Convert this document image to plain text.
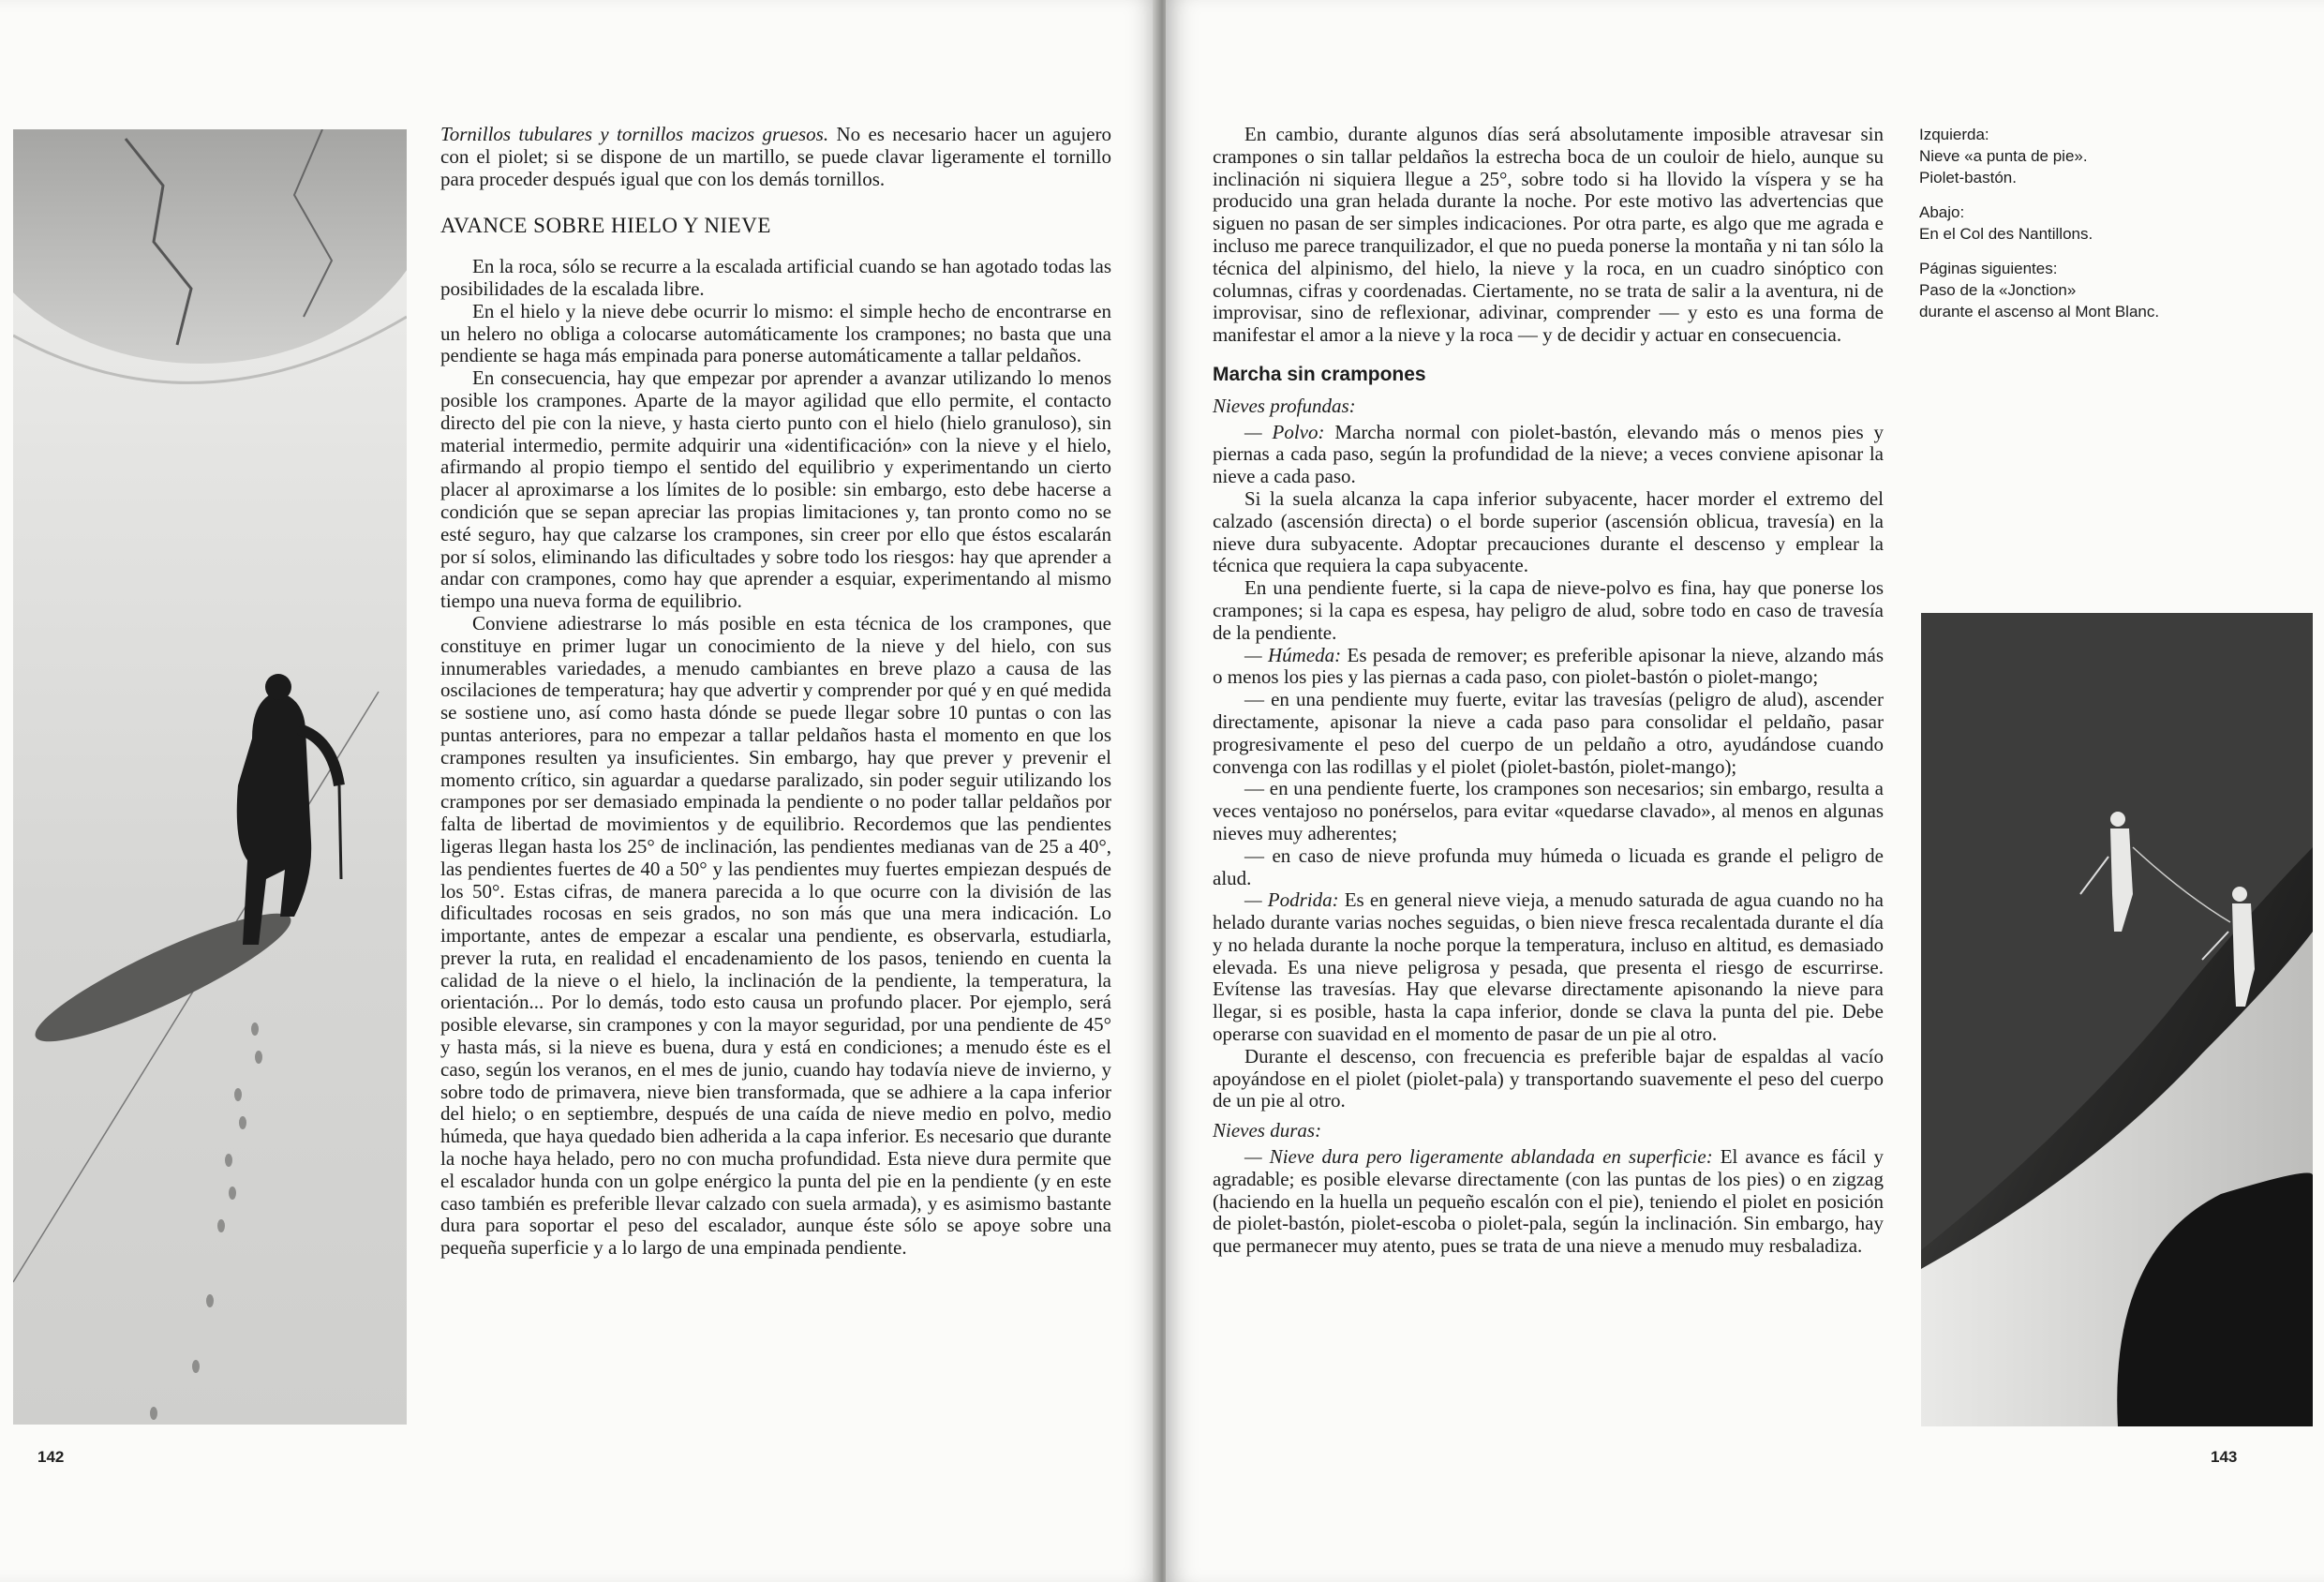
Tornillos tubulares y tornillos macizos gruesos. No es necesario hacer un agujero con el piolet; si se dispone de un martillo, se puede clavar ligeramente el tornillo para proceder después igual que con los demás tornillos.

AVANCE SOBRE HIELO Y NIEVE

En la roca, sólo se recurre a la escalada artificial cuando se han agotado todas las posibilidades de la escalada libre.

En el hielo y la nieve debe ocurrir lo mismo: el simple hecho de encontrarse en un helero no obliga a colocarse automáticamente los crampones; no basta que una pendiente se haga más empinada para ponerse automáticamente a tallar peldaños.

En consecuencia, hay que empezar por aprender a avanzar utilizando lo menos posible los crampones. Aparte de la mayor agilidad que ello permite, el contacto directo del pie con la nieve, y hasta cierto punto con el hielo (hielo granuloso), sin material intermedio, permite adquirir una «identificación» con la nieve y el hielo, afirmando al propio tiempo el sentido del equilibrio y experimentando un cierto placer al aproximarse a los límites de lo posible: sin embargo, esto debe hacerse a condición que se sepan apreciar las propias limitaciones y, tan pronto como no se esté seguro, hay que calzarse los crampones, sin creer por ello que éstos escalarán por sí solos, eliminando las dificultades y sobre todo los riesgos: hay que aprender a andar con crampones, como hay que aprender a esquiar, experimentando al mismo tiempo una nueva forma de equilibrio.

Conviene adiestrarse lo más posible en esta técnica de los crampones, que constituye en primer lugar un conocimiento de la nieve y del hielo, con sus innumerables variedades, a menudo cambiantes en breve plazo a causa de las oscilaciones de temperatura; hay que advertir y comprender por qué y en qué medida se sostiene uno, así como hasta dónde se puede llegar sobre 10 puntas o con las puntas anteriores, para no empezar a tallar peldaños hasta el momento en que los crampones resulten ya insuficientes. Sin embargo, hay que prever y prevenir el momento crítico, sin aguardar a quedarse paralizado, sin poder seguir utilizando los crampones por ser demasiado empinada la pendiente o no poder tallar peldaños por falta de libertad de movimientos y de equilibrio. Recordemos que las pendientes ligeras llegan hasta los 25° de inclinación, las pendientes medianas van de 25 a 40°, las pendientes fuertes de 40 a 50° y las pendientes muy fuertes empiezan después de los 50°. Estas cifras, de manera parecida a lo que ocurre con la división de las dificultades rocosas en seis grados, no son más que una mera indicación. Lo importante, antes de empezar a escalar una pendiente, es observarla, estudiarla, prever la ruta, en realidad el encadenamiento de los pasos, teniendo en cuenta la calidad de la nieve o el hielo, la inclinación de la pendiente, la temperatura, la orientación... Por lo demás, todo esto causa un profundo placer. Por ejemplo, será posible elevarse, sin crampones y con la mayor seguridad, por una pendiente de 45° y hasta más, si la nieve es buena, dura y está en condiciones; a menudo éste es el caso, según los veranos, en el mes de junio, cuando hay todavía nieve de invierno, y sobre todo de primavera, nieve bien transformada, que se adhiere a la capa inferior del hielo; o en septiembre, después de una caída de nieve medio en polvo, medio húmeda, que haya quedado bien adherida a la capa inferior. Es necesario que durante la noche haya helado, pero no con mucha profundidad. Esta nieve dura permite que el escalador hunda con un golpe enérgico la punta del pie en la pendiente (y en este caso también es preferible llevar calzado con suela armada), y es asimismo bastante dura para soportar el peso del escalador, aunque éste sólo se apoye sobre una pequeña superficie y a lo largo de una empinada pendiente.

142

En cambio, durante algunos días será absolutamente imposible atravesar sin crampones o sin tallar peldaños la estrecha boca de un couloir de hielo, aunque su inclinación ni siquiera llegue a 25°, sobre todo si ha llovido la víspera y se ha producido una gran helada durante la noche. Por este motivo las advertencias que siguen no pasan de ser simples indicaciones. Por otra parte, es algo que me agrada e incluso me parece tranquilizador, el que no pueda ponerse la montaña y ni tan sólo la técnica del alpinismo, del hielo, la nieve y la roca, en un cuadro sinóptico con columnas, cifras y coordenadas. Ciertamente, no se trata de salir a la aventura, ni de improvisar, sino de reflexionar, adivinar, comprender — y esto es una forma de manifestar el amor a la nieve y la roca — y de decidir y actuar en consecuencia.

Marcha sin crampones
Nieves profundas:

— Polvo: Marcha normal con piolet-bastón, elevando más o menos pies y piernas a cada paso, según la profundidad de la nieve; a veces conviene apisonar la nieve a cada paso.

Si la suela alcanza la capa inferior subyacente, hacer morder el extremo del calzado (ascensión directa) o el borde superior (ascensión oblicua, travesía) en la nieve dura subyacente. Adoptar precauciones durante el descenso y emplear la técnica que requiera la capa subyacente.

En una pendiente fuerte, si la capa de nieve-polvo es fina, hay que ponerse los crampones; si la capa es espesa, hay peligro de alud, sobre todo en caso de travesía de la pendiente.

— Húmeda: Es pesada de remover; es preferible apisonar la nieve, alzando más o menos los pies y las piernas a cada paso, con piolet-bastón o piolet-mango;

— en una pendiente muy fuerte, evitar las travesías (peligro de alud), ascender directamente, apisonar la nieve a cada paso para consolidar el peldaño, pasar progresivamente el peso del cuerpo de un peldaño a otro, ayudándose cuando convenga con las rodillas y el piolet (piolet-bastón, piolet-mango);

— en una pendiente fuerte, los crampones son necesarios; sin embargo, resulta a veces ventajoso no ponérselos, para evitar «quedarse clavado», al menos en algunas nieves muy adherentes;

— en caso de nieve profunda muy húmeda o licuada es grande el peligro de alud.

— Podrida: Es en general nieve vieja, a menudo saturada de agua cuando no ha helado durante varias noches seguidas, o bien nieve fresca recalentada durante el día y no helada durante la noche porque la temperatura, incluso en altitud, es demasiado elevada. Es una nieve peligrosa y pesada, que presenta el riesgo de escurrirse. Evítense las travesías. Hay que elevarse directamente apisonando la nieve para llegar, si es posible, hasta la capa inferior, donde se clava la punta del pie. Debe operarse con suavidad en el momento de pasar de un pie al otro.

Durante el descenso, con frecuencia es preferible bajar de espaldas al vacío apoyándose en el piolet (piolet-pala) y transportando suavemente el peso del cuerpo de un pie al otro.

Nieves duras:

— Nieve dura pero ligeramente ablandada en superficie: El avance es fácil y agradable; es posible elevarse directamente (con las puntas de los pies) o en zigzag (haciendo en la huella un pequeño escalón con el pie), teniendo el piolet en posición de piolet-bastón, piolet-escoba o piolet-pala, según la inclinación. Sin embargo, hay que permanecer muy atento, pues se trata de una nieve a menudo muy resbaladiza.

Izquierda:
Nieve «a punta de pie».
Piolet-bastón.
Abajo:
En el Col des Nantillons.
Páginas siguientes:
Paso de la «Jonction»
durante el ascenso al Mont Blanc.
143
